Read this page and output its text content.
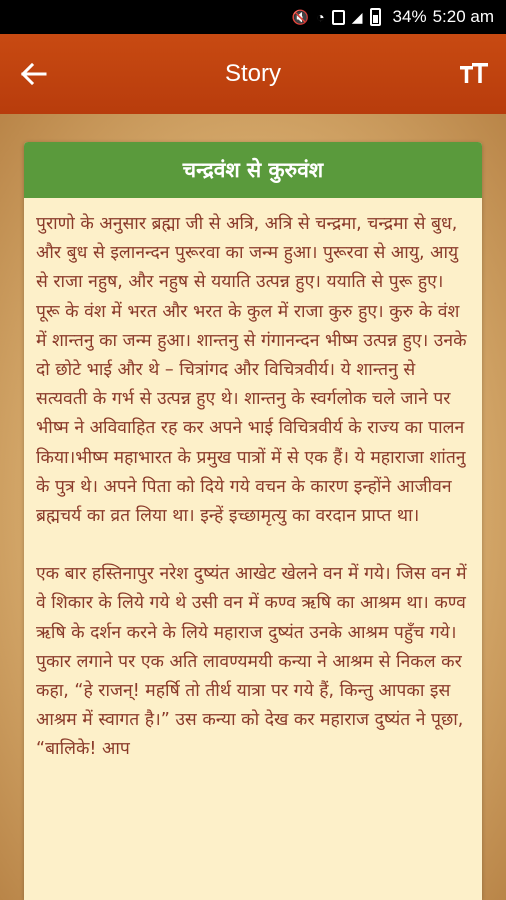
🔇 ◔ ◢ 34% 5:20 am
Story
चन्द्रवंश से कुरुवंश

पुराणो के अनुसार ब्रह्मा जी से अत्रि, अत्रि से चन्द्रमा, चन्द्रमा से बुध, और बुध से इलानन्दन पुरूरवा का जन्म हुआ। पुरूरवा से आयु, आयु से राजा नहुष, और नहुष से ययाति उत्पन्न हुए। ययाति से पुरू हुए। पूरू के वंश में भरत और भरत के कुल में राजा कुरु हुए। कुरु के वंश में शान्तनु का जन्म हुआ। शान्तनु से गंगानन्दन भीष्म उत्पन्न हुए। उनके दो छोटे भाई और थे – चित्रांगद और विचित्रवीर्य। ये शान्तनु से सत्यवती के गर्भ से उत्पन्न हुए थे। शान्तनु के स्वर्गलोक चले जाने पर भीष्म ने अविवाहित रह कर अपने भाई विचित्रवीर्य के राज्य का पालन किया।भीष्म महाभारत के प्रमुख पात्रों में से एक हैं। ये महाराजा शांतनु के पुत्र थे। अपने पिता को दिये गये वचन के कारण इन्होंने आजीवन ब्रह्मचर्य का व्रत लिया था। इन्हें इच्छामृत्यु का वरदान प्राप्त था।

एक बार हस्तिनापुर नरेश दुष्यंत आखेट खेलने वन में गये। जिस वन में वे शिकार के लिये गये थे उसी वन में कण्व ऋषि का आश्रम था। कण्व ऋषि के दर्शन करने के लिये महाराज दुष्यंत उनके आश्रम पहुँच गये। पुकार लगाने पर एक अति लावण्यमयी कन्या ने आश्रम से निकल कर कहा, “हे राजन्! महर्षि तो तीर्थ यात्रा पर गये हैं, किन्तु आपका इस आश्रम में स्वागत है।” उस कन्या को देख कर महाराज दुष्यंत ने पूछा, “बालिके! आप
